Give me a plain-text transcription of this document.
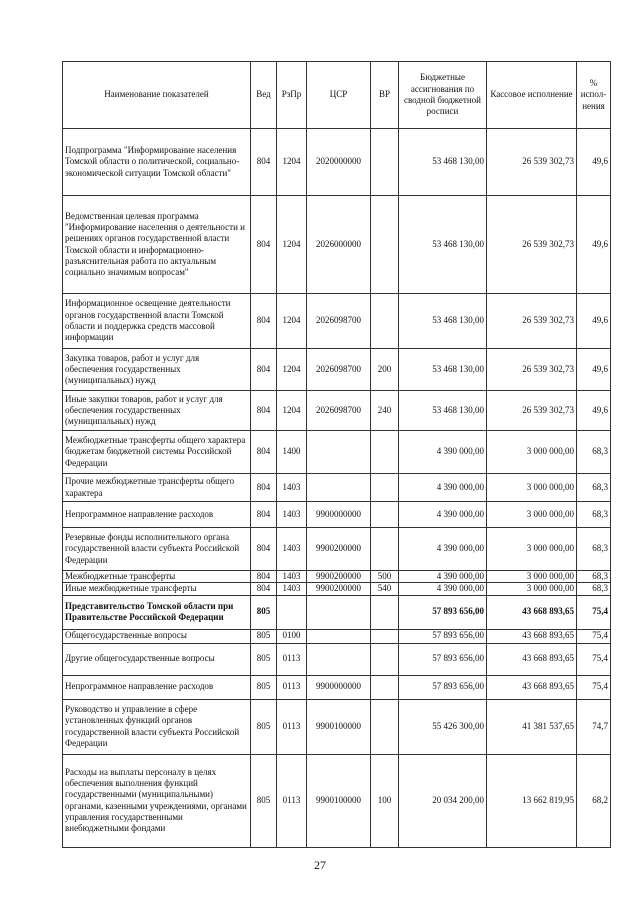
Наименование показателей	Вед	РзПр	ЦСР	ВР	Бюджетные ассигнования по сводной бюджетной росписи	Кассовое исполнение	% испол-нения
Подпрограмма "Информирование населения Томской области о политической, социально-экономической ситуации Томской области"	804	1204	2020000000		53 468 130,00	26 539 302,73	49,6
Ведомственная целевая программа "Информирование населения о деятельности и решениях органов государственной власти Томской области и информационно-разъяснительная работа по актуальным социально значимым вопросам"	804	1204	2026000000		53 468 130,00	26 539 302,73	49,6
Информационное освещение деятельности органов государственной власти Томской области и поддержка средств массовой информации	804	1204	2026098700		53 468 130,00	26 539 302,73	49,6
Закупка товаров, работ и услуг для обеспечения государственных (муниципальных) нужд	804	1204	2026098700	200	53 468 130,00	26 539 302,73	49,6
Иные закупки товаров, работ и услуг для обеспечения государственных (муниципальных) нужд	804	1204	2026098700	240	53 468 130,00	26 539 302,73	49,6
Межбюджетные трансферты общего характера бюджетам бюджетной системы Российской Федерации	804	1400			4 390 000,00	3 000 000,00	68,3
Прочие межбюджетные трансферты общего характера	804	1403			4 390 000,00	3 000 000,00	68,3
Непрограммное направление расходов	804	1403	9900000000		4 390 000,00	3 000 000,00	68,3
Резервные фонды исполнительного органа государственной власти субъекта Российской Федерации	804	1403	9900200000		4 390 000,00	3 000 000,00	68,3
Межбюджетные трансферты	804	1403	9900200000	500	4 390 000,00	3 000 000,00	68,3
Иные межбюджетные трансферты	804	1403	9900200000	540	4 390 000,00	3 000 000,00	68,3
Представительство Томской области при Правительстве Российской Федерации	805				57 893 656,00	43 668 893,65	75,4
Общегосударственные вопросы	805	0100			57 893 656,00	43 668 893,65	75,4
Другие общегосударственные вопросы	805	0113			57 893 656,00	43 668 893,65	75,4
Непрограммное направление расходов	805	0113	9900000000		57 893 656,00	43 668 893,65	75,4
Руководство и управление в сфере установленных функций органов государственной власти субъекта Российской Федерации	805	0113	9900100000		55 426 300,00	41 381 537,65	74,7
Расходы на выплаты персоналу в целях обеспечения выполнения функций государственными (муниципальными) органами, казенными учреждениями, органами управления государственными внебюджетными фондами	805	0113	9900100000	100	20 034 200,00	13 662 819,95	68,2
27
